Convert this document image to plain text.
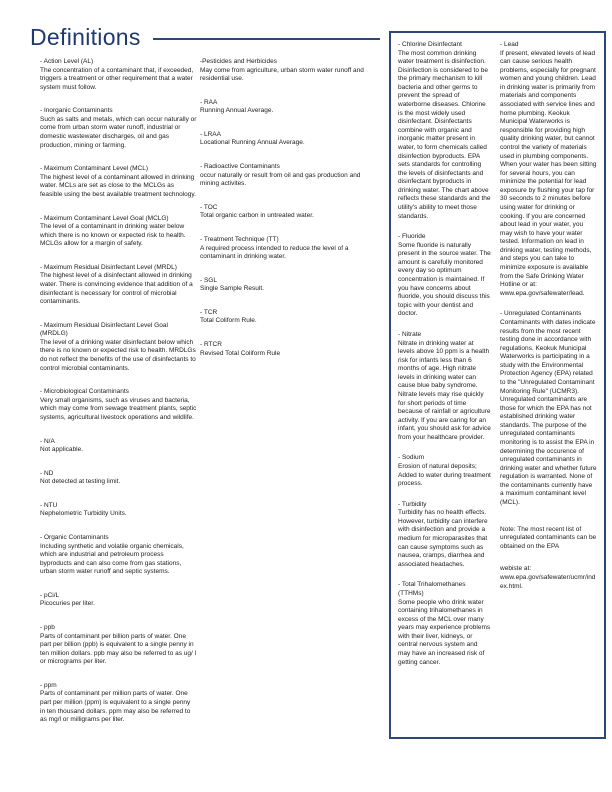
Definitions
- Action Level (AL)
The concentration of a contaminant that, if exceeded, triggers a treatment or other requirement that a water system must follow.
- Inorganic Contaminants
Such as salts and metals, which can occur naturally or come from urban storm water runoff, industrial or domestic wastewater discharges, oil and gas production, mining or farming.
- Maximum Contaminant Level (MCL)
The highest level of a contaminant allowed in drinking water. MCLs are set as close to the MCLGs as feasible using the best available treatment technology.
- Maximum Contaminant Level Goal (MCLG)
The level of a contaminant in drinking water below which there is no known or expected risk to health. MCLGs allow for a margin of safety.
- Maximum Residual Disinfectant Level (MRDL)
The highest level of a disinfectant allowed in drinking water. There is convincing evidence that addition of a disinfectant is necessary for control of microbial contaminants.
- Maximum Residual Disinfectant Level Goal (MRDLG)
The level of a drinking water disinfectant below which there is no known or expected risk to health. MRDLGs do not reflect the benefits of the use of disinfectants to control microbial contaminants.
- Microbiological Contaminants
Very small organisms, such as viruses and bacteria, which may come from sewage treatment plants, septic systems, agricultural livestock operations and wildlife.
- N/A
Not applicable.
- ND
Not detected at testing limit.
- NTU
Nephelometric Turbidity Units.
- Organic Contaminants
Including synthetic and volatile organic chemicals, which are industrial and petroleum process byproducts and can also come from gas stations, urban storm water runoff and septic systems.
- pCi/L
Picocuries per liter.
- ppb
Parts of contaminant per billion parts of water. One part per billion (ppb) is equivalent to a single penny in ten million dollars. ppb may also be referred to as ug/ l or micrograms per liter.
- ppm
Parts of contaminant per million parts of water. One part per million (ppm) is equivalent to a single penny in ten thousand dollars. ppm may also be referred to as mg/l or milligrams per liter.
-Pesticides and Herbicides
May come from agriculture, urban storm water runoff and residential use.
- RAA
Running Annual Average.
- LRAA
Locational Running Annual Average.
- Radioactive Contaminants
occur naturally or result from oil and gas production and mining activites.
- TOC
Total organic carbon in untreated water.
- Treatment Technique (TT)
A required process intended to reduce the level of a contaminant in drinking water.
- SGL
Single Sample Result.
- TCR
Total Coliform Rule.
- RTCR
Revised Total Coliform Rule
- Chlorine Disinfectant
The most common drinking water treatment is disinfection. Disinfection is considered to be the primary mechanism to kill bacteria and other germs to prevent the spread of waterborne diseases. Chlorine is the most widely used disinfectant. Disinfectants combine with organic and inorganic matter present in water, to form chemicals called disinfection byproducts. EPA sets standards for controlling the levels of disinfectants and disinfectant byproducts in drinking water. The chart above reflects these standards and the utility's ability to meet those standards.
- Fluoride
Some fluoride is naturally present in the source water. The amount is carefully monitored every day so optimum concentration is maintained. If you have concerns about fluoride, you should discuss this topic with your dentist and doctor.
- Nitrate
Nitrate in drinking water at levels above 10 ppm is a health risk for infants less than 6 months of age. High nitrate levels in drinking water can cause blue baby syndrome. Nitrate levels may rise quickly for short periods of time because of rainfall or agriculture activity. If you are caring for an infant, you should ask for advice from your healthcare provider.
- Sodium
Erosion of natural deposits; Added to water during treatment process.
- Turbidity
Turbidity has no health effects. However, turbidity can interfere with disinfection and provide a medium for microparasites that can cause symptoms such as nausea, cramps, diarrhea and associated headaches.
- Total Trihalomethanes (TTHMs)
Some people who drink water containing trihalomethanes in excess of the MCL over many years may experience problems with their liver, kidneys, or central nervous system and may have an increased risk of getting cancer.
- Lead
If present, elevated levels of lead can cause serious health problems, especially for pregnant women and young children. Lead in drinking water is primarily from materials and components associated with service lines and home plumbing. Keokuk Municipal Waterworks is responsible for providing high quality drinking water, but cannot control the variety of materials used in plumbing components. When your water has been sitting for several hours, you can minimize the potential for lead exposure by flushing your tap for 30 seconds to 2 minutes before using water for drinking or cooking. If you are concerned about lead in your water, you may wish to have your water tested. Information on lead in drinking water, testing methods, and steps you can take to minimize exposure is available from the Safe Drinking Water Hotline or at: www.epa.gov/safewater/lead.
- Unregulated Contaminants
Contaminants with dates indicate results from the most recent testing done in accordance with regulations. Keokuk Municipal Waterworks is participating in a study with the Environmental Protection Agency (EPA) related to the "Unregulated Contaminant Monitoring Rule" (UCMR3). Unregulated contaminants are those for which the EPA has not established drinking water standards. The purpose of the unregulated contaminants monitoring is to assist the EPA in determining the occurence of unregulated contaminants in drinking water and whether future regulation is warranted. None of the contaminants currently have a maximum contaminant level (MCL).
Note: The most recent list of unregulated contaminants can be obtained on the EPA
webiste at:
www.epa.gov/safewater/ucmr/index.html.
